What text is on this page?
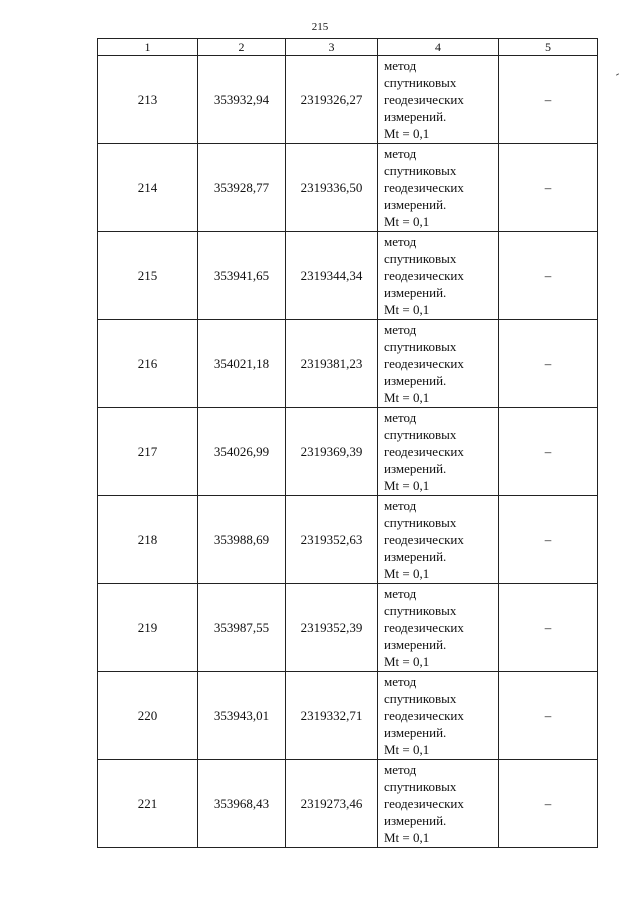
215
1	2	3	4	5
213	353932,94	2319326,27	метод
спутниковых
геодезических
измерений.
Mt = 0,1	–
214	353928,77	2319336,50	метод
спутниковых
геодезических
измерений.
Mt = 0,1	–
215	353941,65	2319344,34	метод
спутниковых
геодезических
измерений.
Mt = 0,1	–
216	354021,18	2319381,23	метод
спутниковых
геодезических
измерений.
Mt = 0,1	–
217	354026,99	2319369,39	метод
спутниковых
геодезических
измерений.
Mt = 0,1	–
218	353988,69	2319352,63	метод
спутниковых
геодезических
измерений.
Mt = 0,1	–
219	353987,55	2319352,39	метод
спутниковых
геодезических
измерений.
Mt = 0,1	–
220	353943,01	2319332,71	метод
спутниковых
геодезических
измерений.
Mt = 0,1	–
221	353968,43	2319273,46	метод
спутниковых
геодезических
измерений.
Mt = 0,1	–
